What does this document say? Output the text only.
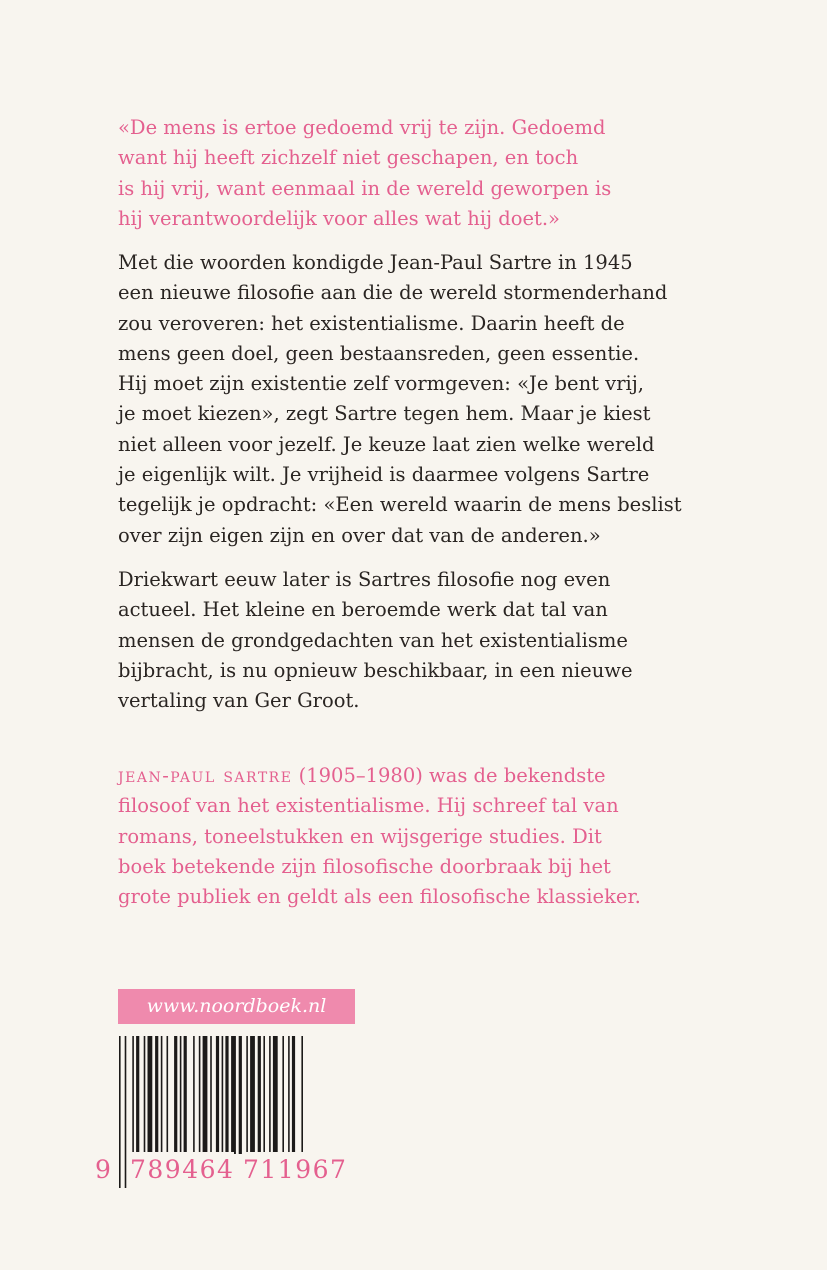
«De mens is ertoe gedoemd vrij te zijn. Gedoemd
want hij heeft zichzelf niet geschapen, en toch
is hij vrij, want eenmaal in de wereld geworpen is
hij verantwoordelijk voor alles wat hij doet.»
Met die woorden kondigde Jean-Paul Sartre in 1945
een nieuwe filosofie aan die de wereld stormenderhand
zou veroveren: het existentialisme. Daarin heeft de
mens geen doel, geen bestaansreden, geen essentie.
Hij moet zijn existentie zelf vormgeven: «Je bent vrij,
je moet kiezen», zegt Sartre tegen hem. Maar je kiest
niet alleen voor jezelf. Je keuze laat zien welke wereld
je eigenlijk wilt. Je vrijheid is daarmee volgens Sartre
tegelijk je opdracht: «Een wereld waarin de mens beslist
over zijn eigen zijn en over dat van de anderen.»
Driekwart eeuw later is Sartres filosofie nog even
actueel. Het kleine en beroemde werk dat tal van
mensen de grondgedachten van het existentialisme
bijbracht, is nu opnieuw beschikbaar, in een nieuwe
vertaling van Ger Groot.
jean-paul sartre (1905–1980) was de bekendste
filosoof van het existentialisme. Hij schreef tal van
romans, toneelstukken en wijsgerige studies. Dit
boek betekende zijn filosofische doorbraak bij het
grote publiek en geldt als een filosofische klassieker.
www.noordboek.nl
9 789464 711967
